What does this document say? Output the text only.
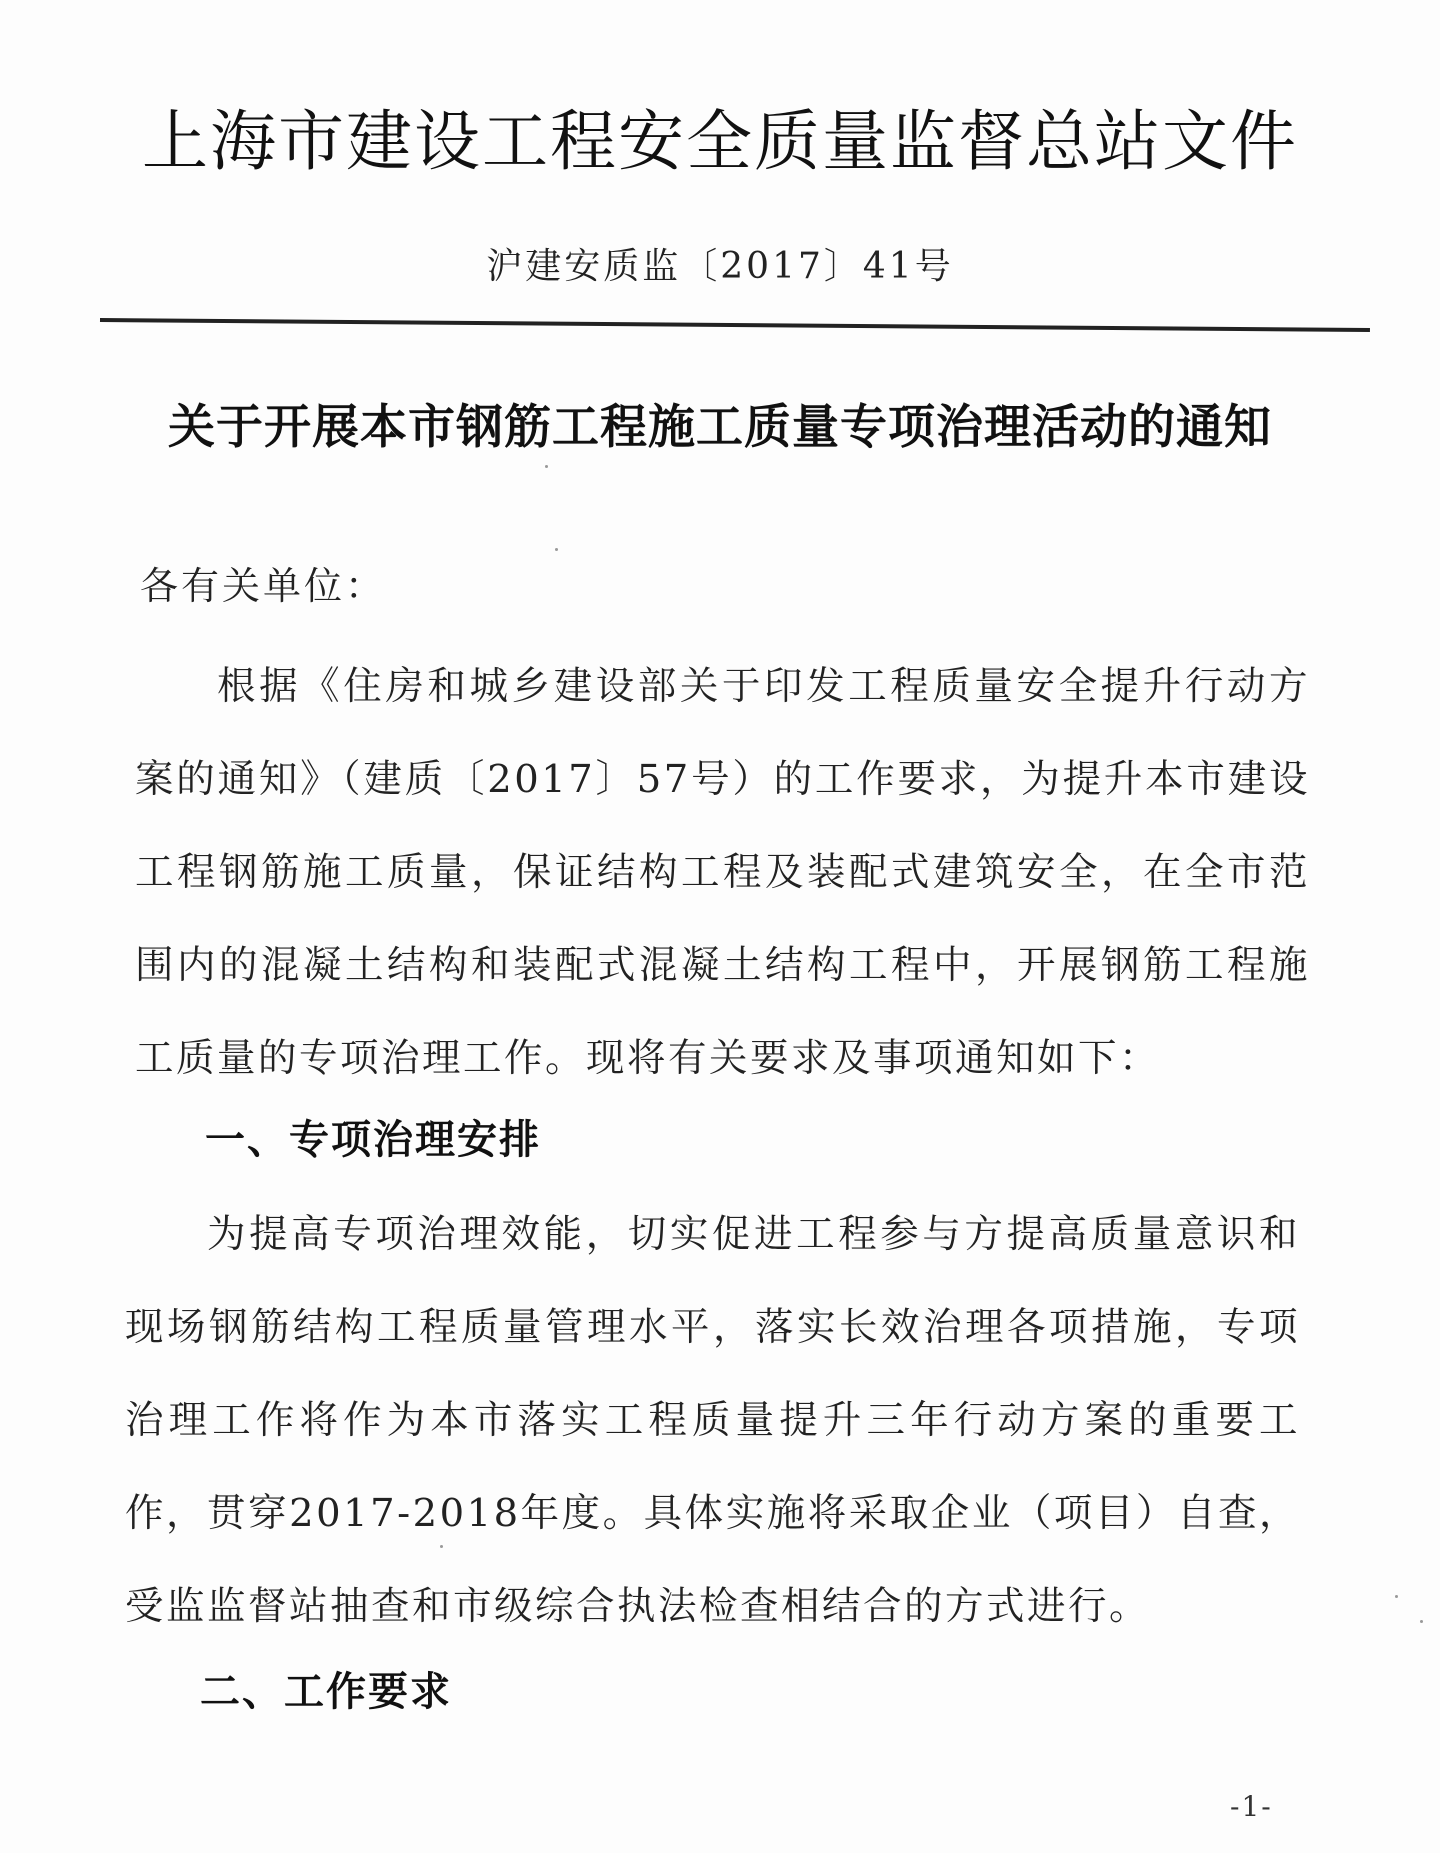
上海市建设工程安全质量监督总站文件
沪建安质监〔2017〕41号
关于开展本市钢筋工程施工质量专项治理活动的通知
各有关单位：

根据《住房和城乡建设部关于印发工程质量安全提升行动方案的通知》（建质〔2017〕57号）的工作要求，为提升本市建设工程钢筋施工质量，保证结构工程及装配式建筑安全，在全市范围内的混凝土结构和装配式混凝土结构工程中，开展钢筋工程施工质量的专项治理工作。现将有关要求及事项通知如下：

一、专项治理安排

为提高专项治理效能，切实促进工程参与方提高质量意识和现场钢筋结构工程质量管理水平，落实长效治理各项措施，专项治理工作将作为本市落实工程质量提升三年行动方案的重要工作，贯穿2017-2018年度。具体实施将采取企业（项目）自查，受监监督站抽查和市级综合执法检查相结合的方式进行。

二、工作要求
-1-
